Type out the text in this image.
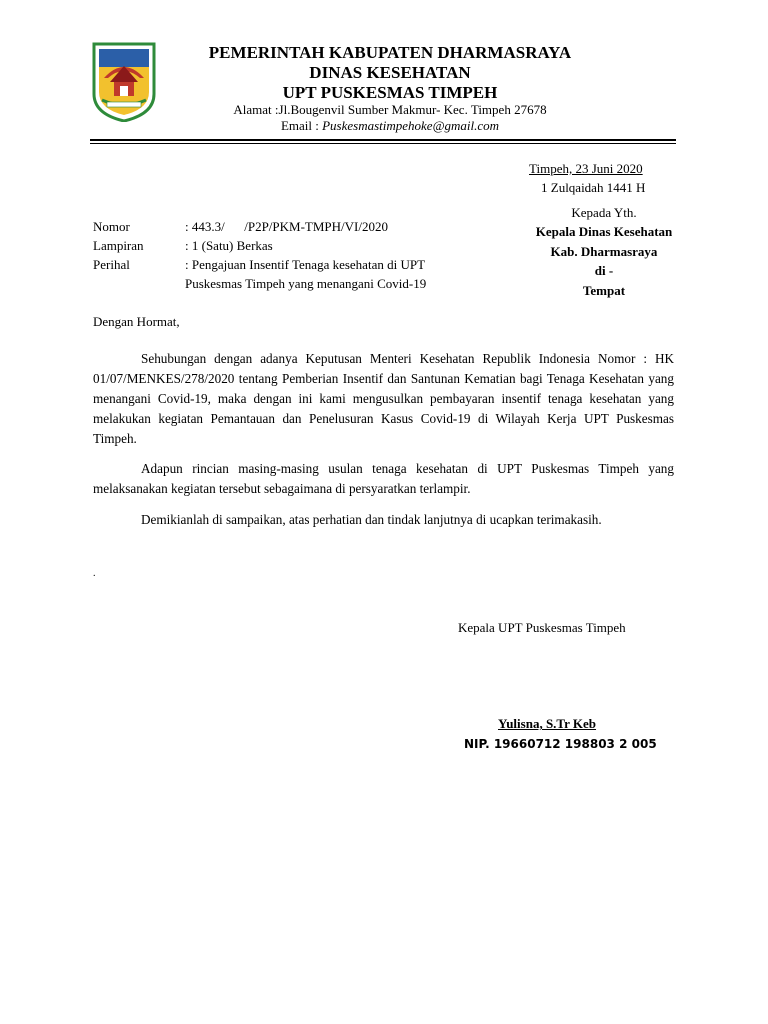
PEMERINTAH KABUPATEN DHARMASRAYA
DINAS KESEHATAN
UPT PUSKESMAS TIMPEH
Alamat :Jl.Bougenvil Sumber Makmur- Kec. Timpeh 27678
Email : Puskesmastimpehoke@gmail.com
Timpeh, 23 Juni 2020
1 Zulqaidah 1441 H
Kepada Yth.
Kepala Dinas Kesehatan
Kab. Dharmasraya
di -
Tempat
Nomor	: 443.3/      /P2P/PKM-TMPH/VI/2020
Lampiran	: 1 (Satu) Berkas
Perihal	: Pengajuan Insentif Tenaga kesehatan di UPT
Puskesmas Timpeh yang menangani Covid-19
Dengan Hormat,
Sehubungan dengan adanya Keputusan Menteri Kesehatan Republik Indonesia Nomor : HK 01/07/MENKES/278/2020 tentang Pemberian Insentif dan Santunan Kematian bagi Tenaga Kesehatan yang menangani Covid-19, maka dengan ini kami mengusulkan pembayaran insentif tenaga kesehatan yang melakukan kegiatan Pemantauan dan Penelusuran Kasus Covid-19 di Wilayah Kerja UPT Puskesmas Timpeh.
Adapun rincian masing-masing usulan tenaga kesehatan di UPT Puskesmas Timpeh yang melaksanakan kegiatan tersebut sebagaimana di persyaratkan terlampir.
Demikianlah di sampaikan, atas perhatian dan tindak lanjutnya di ucapkan terimakasih.
.
Kepala UPT Puskesmas Timpeh
Yulisna, S.Tr Keb
NIP. 19660712 198803 2 005
